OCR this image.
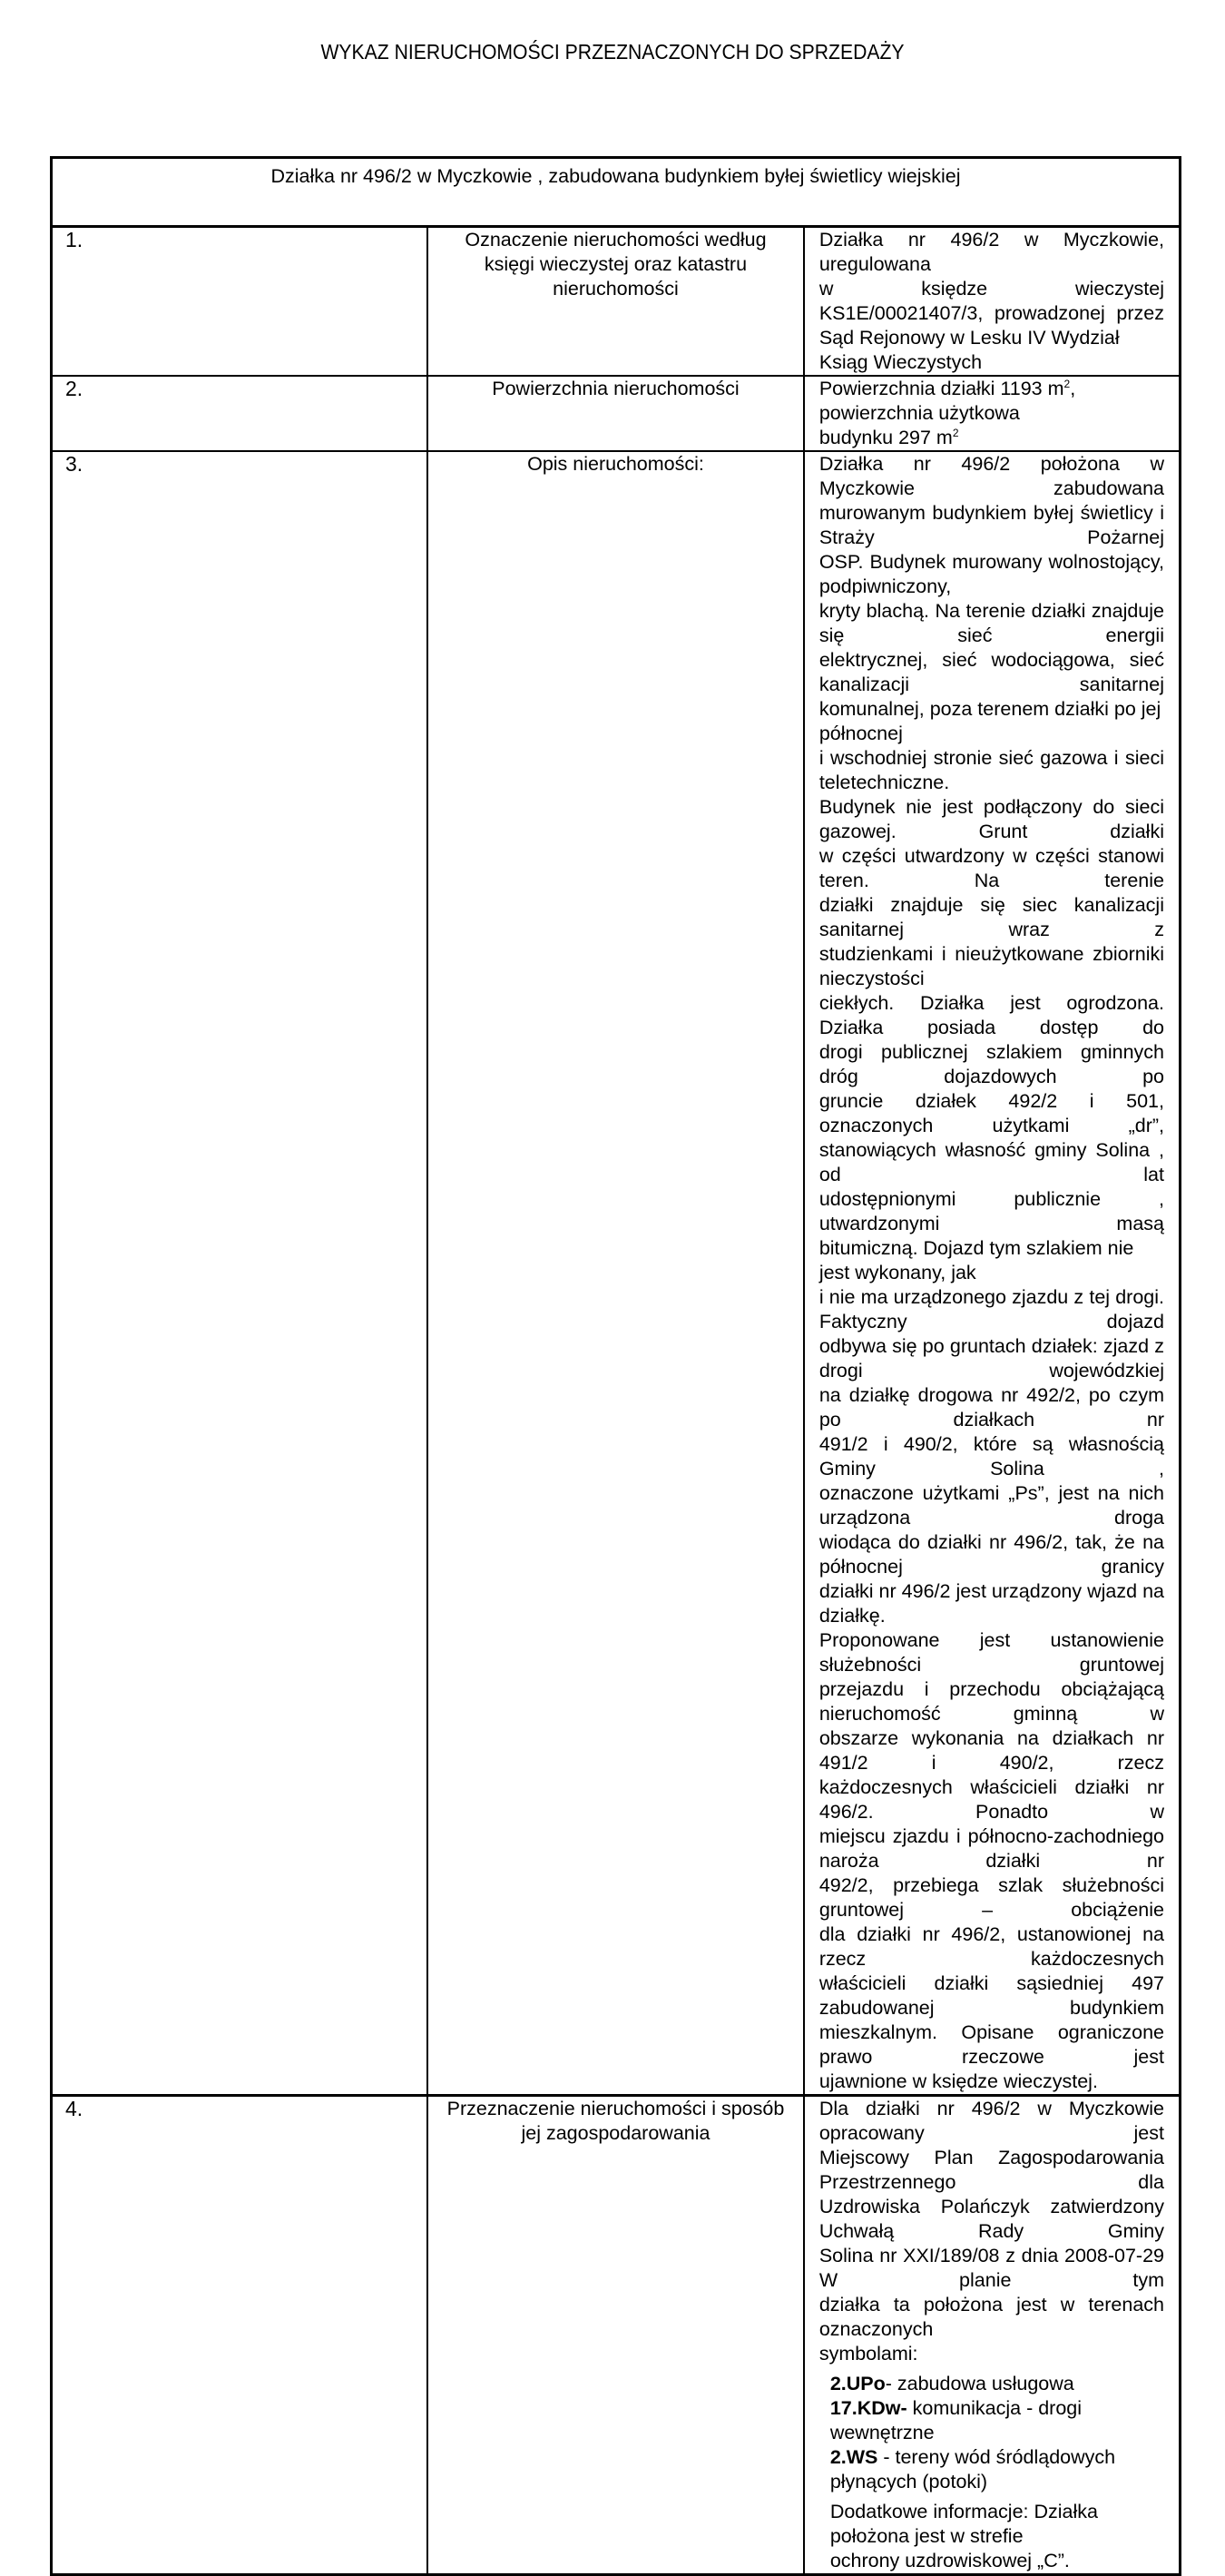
WYKAZ NIERUCHOMOŚCI PRZEZNACZONYCH DO SPRZEDAŻY
Działka nr 496/2 w Myczkowie , zabudowana budynkiem byłej świetlicy wiejskiej		
1.	Oznaczenie nieruchomości według księgi wieczystej oraz katastru nieruchomości	Działka nr 496/2 w Myczkowie, uregulowana

w księdze wieczystej KS1E/00021407/3, prowadzonej przez

Sąd Rejonowy w Lesku IV Wydział Ksiąg Wieczystych

2.	Powierzchnia nieruchomości	Powierzchnia działki 1193 $m^2$, powierzchnia użytkowa

budynku 297 $m^2$

3.	Opis nieruchomości:	Działka nr 496/2 położona w Myczkowie zabudowana

murowanym budynkiem byłej świetlicy i Straży Pożarnej

OSP. Budynek murowany wolnostojący, podpiwniczony,

kryty blachą. Na terenie działki znajduje się sieć energii

elektrycznej, sieć wodociągowa, sieć kanalizacji sanitarnej

komunalnej, poza terenem działki po jej północnej

i wschodniej stronie sieć gazowa i sieci teletechniczne.

Budynek nie jest podłączony do sieci gazowej. Grunt działki

w części utwardzony w części stanowi teren. Na terenie

działki znajduje się siec kanalizacji sanitarnej wraz z

studzienkami i nieużytkowane zbiorniki nieczystości

ciekłych. Działka jest ogrodzona. Działka posiada dostęp do

drogi publicznej szlakiem gminnych dróg dojazdowych po

gruncie działek 492/2 i 501, oznaczonych użytkami „dr”,

stanowiących własność gminy Solina , od lat

udostępnionymi publicznie , utwardzonymi masą

bitumiczną. Dojazd tym szlakiem nie jest wykonany, jak

i nie ma urządzonego zjazdu z tej drogi. Faktyczny dojazd

odbywa się po gruntach działek: zjazd z drogi wojewódzkiej

na działkę drogowa nr 492/2, po czym po działkach nr

491/2 i 490/2, które są własnością Gminy Solina ,

oznaczone użytkami „Ps”, jest na nich urządzona droga

wiodąca do działki nr 496/2, tak, że na północnej granicy

działki nr 496/2 jest urządzony wjazd na działkę.

Proponowane jest ustanowienie służebności gruntowej

przejazdu i przechodu obciążającą nieruchomość gminną w

obszarze wykonania na działkach nr 491/2 i 490/2, rzecz

każdoczesnych właścicieli działki nr 496/2. Ponadto w

miejscu zjazdu i północno-zachodniego naroża działki nr

492/2, przebiega szlak służebności gruntowej – obciążenie

dla działki nr 496/2, ustanowionej na rzecz każdoczesnych

właścicieli działki sąsiedniej 497 zabudowanej budynkiem

mieszkalnym. Opisane ograniczone prawo rzeczowe jest

ujawnione w księdze wieczystej.

4.	Przeznaczenie nieruchomości i sposób jej zagospodarowania	

Dla działki nr 496/2 w Myczkowie opracowany jest

Miejscowy Plan Zagospodarowania Przestrzennego dla

Uzdrowiska Polańczyk zatwierdzony Uchwałą Rady Gminy

Solina nr XXI/189/08 z dnia 2008-07-29 W planie tym

działka ta położona jest w terenach oznaczonych

symbolami:

2.UPo- zabudowa usługowa

17.KDw- komunikacja - drogi wewnętrzne

2.WS - tereny wód śródlądowych płynących (potoki)

Dodatkowe informacje: Działka położona jest w strefie

ochrony uzdrowiskowej „C”.
